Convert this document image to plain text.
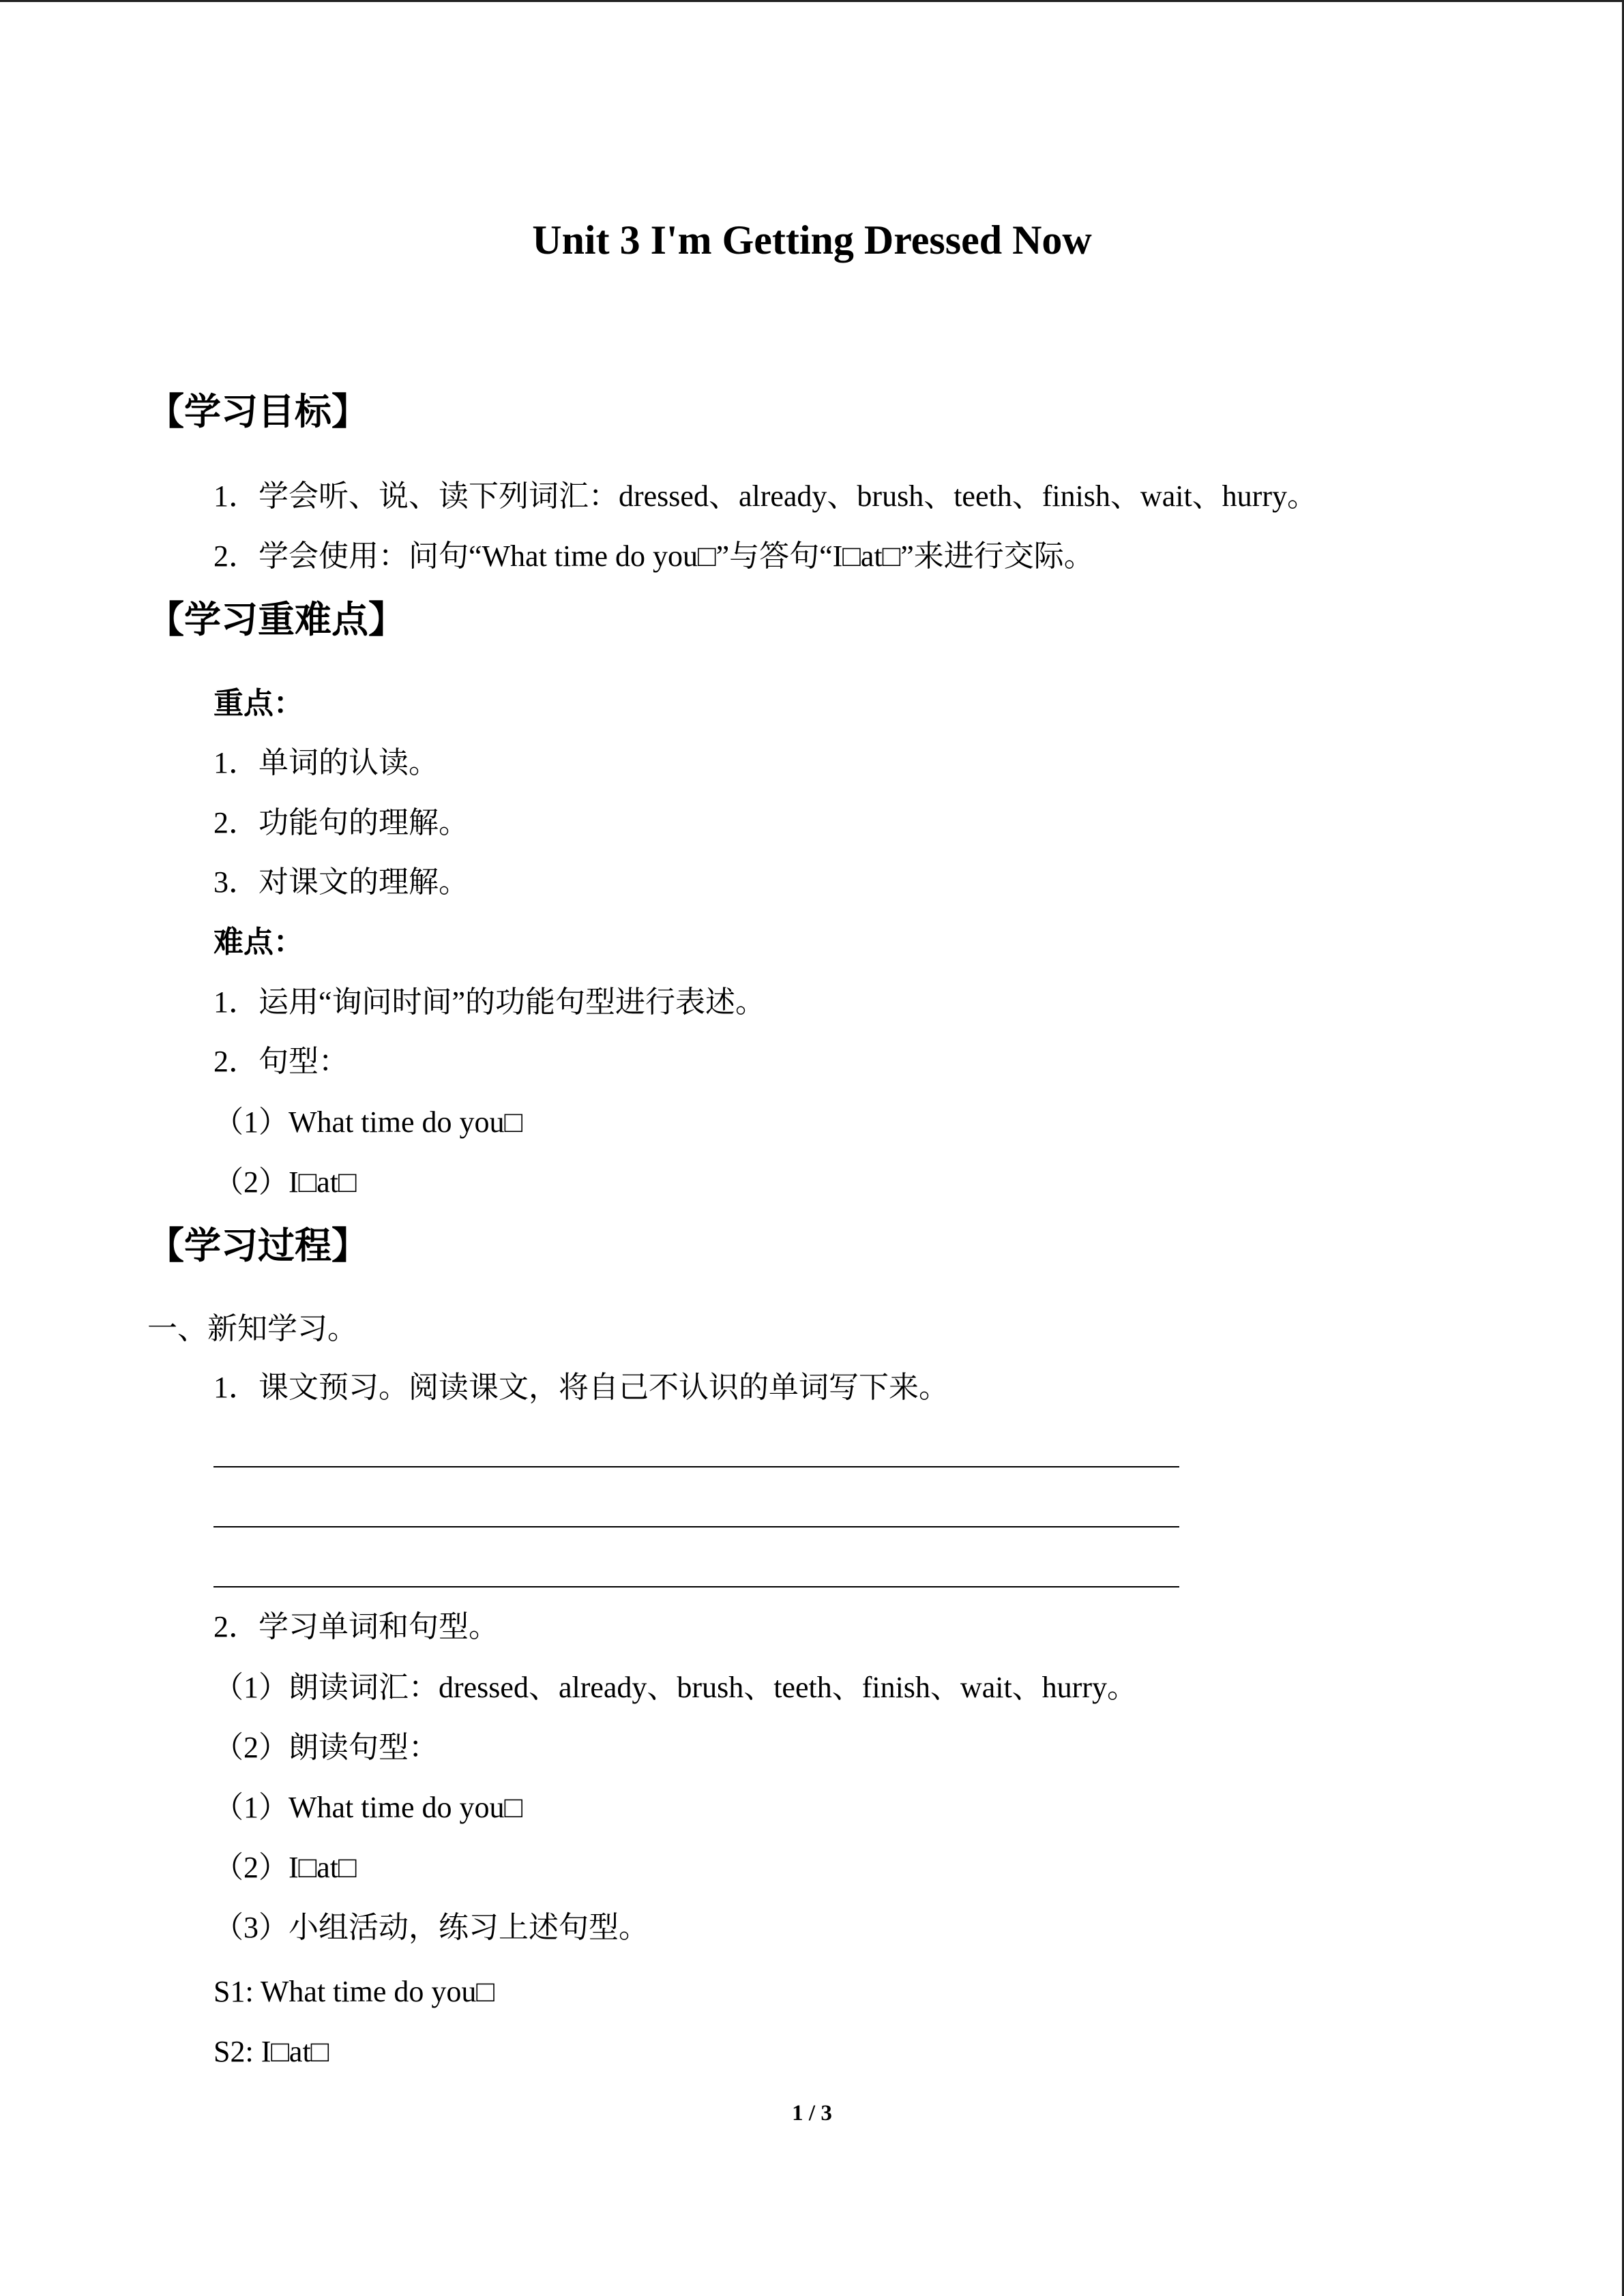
Unit 3 I'm Getting Dressed Now
【学习目标】
1．学会听、说、读下列词汇：dressed、already、brush、teeth、finish、wait、hurry。
2．学会使用：问句“What time do you□”与答句“I□at□”来进行交际。
【学习重难点】
重点：
1．单词的认读。
2．功能句的理解。
3．对课文的理解。
难点：
1．运用“询问时间”的功能句型进行表述。
2．句型：
（1）What time do you□
（2）I□at□
【学习过程】
一、新知学习。
1．课文预习。阅读课文，将自己不认识的单词写下来。
2．学习单词和句型。
（1）朗读词汇：dressed、already、brush、teeth、finish、wait、hurry。
（2）朗读句型：
（1）What time do you□
（2）I□at□
（3）小组活动，练习上述句型。
S1: What time do you□
S2: I□at□
1 / 3
